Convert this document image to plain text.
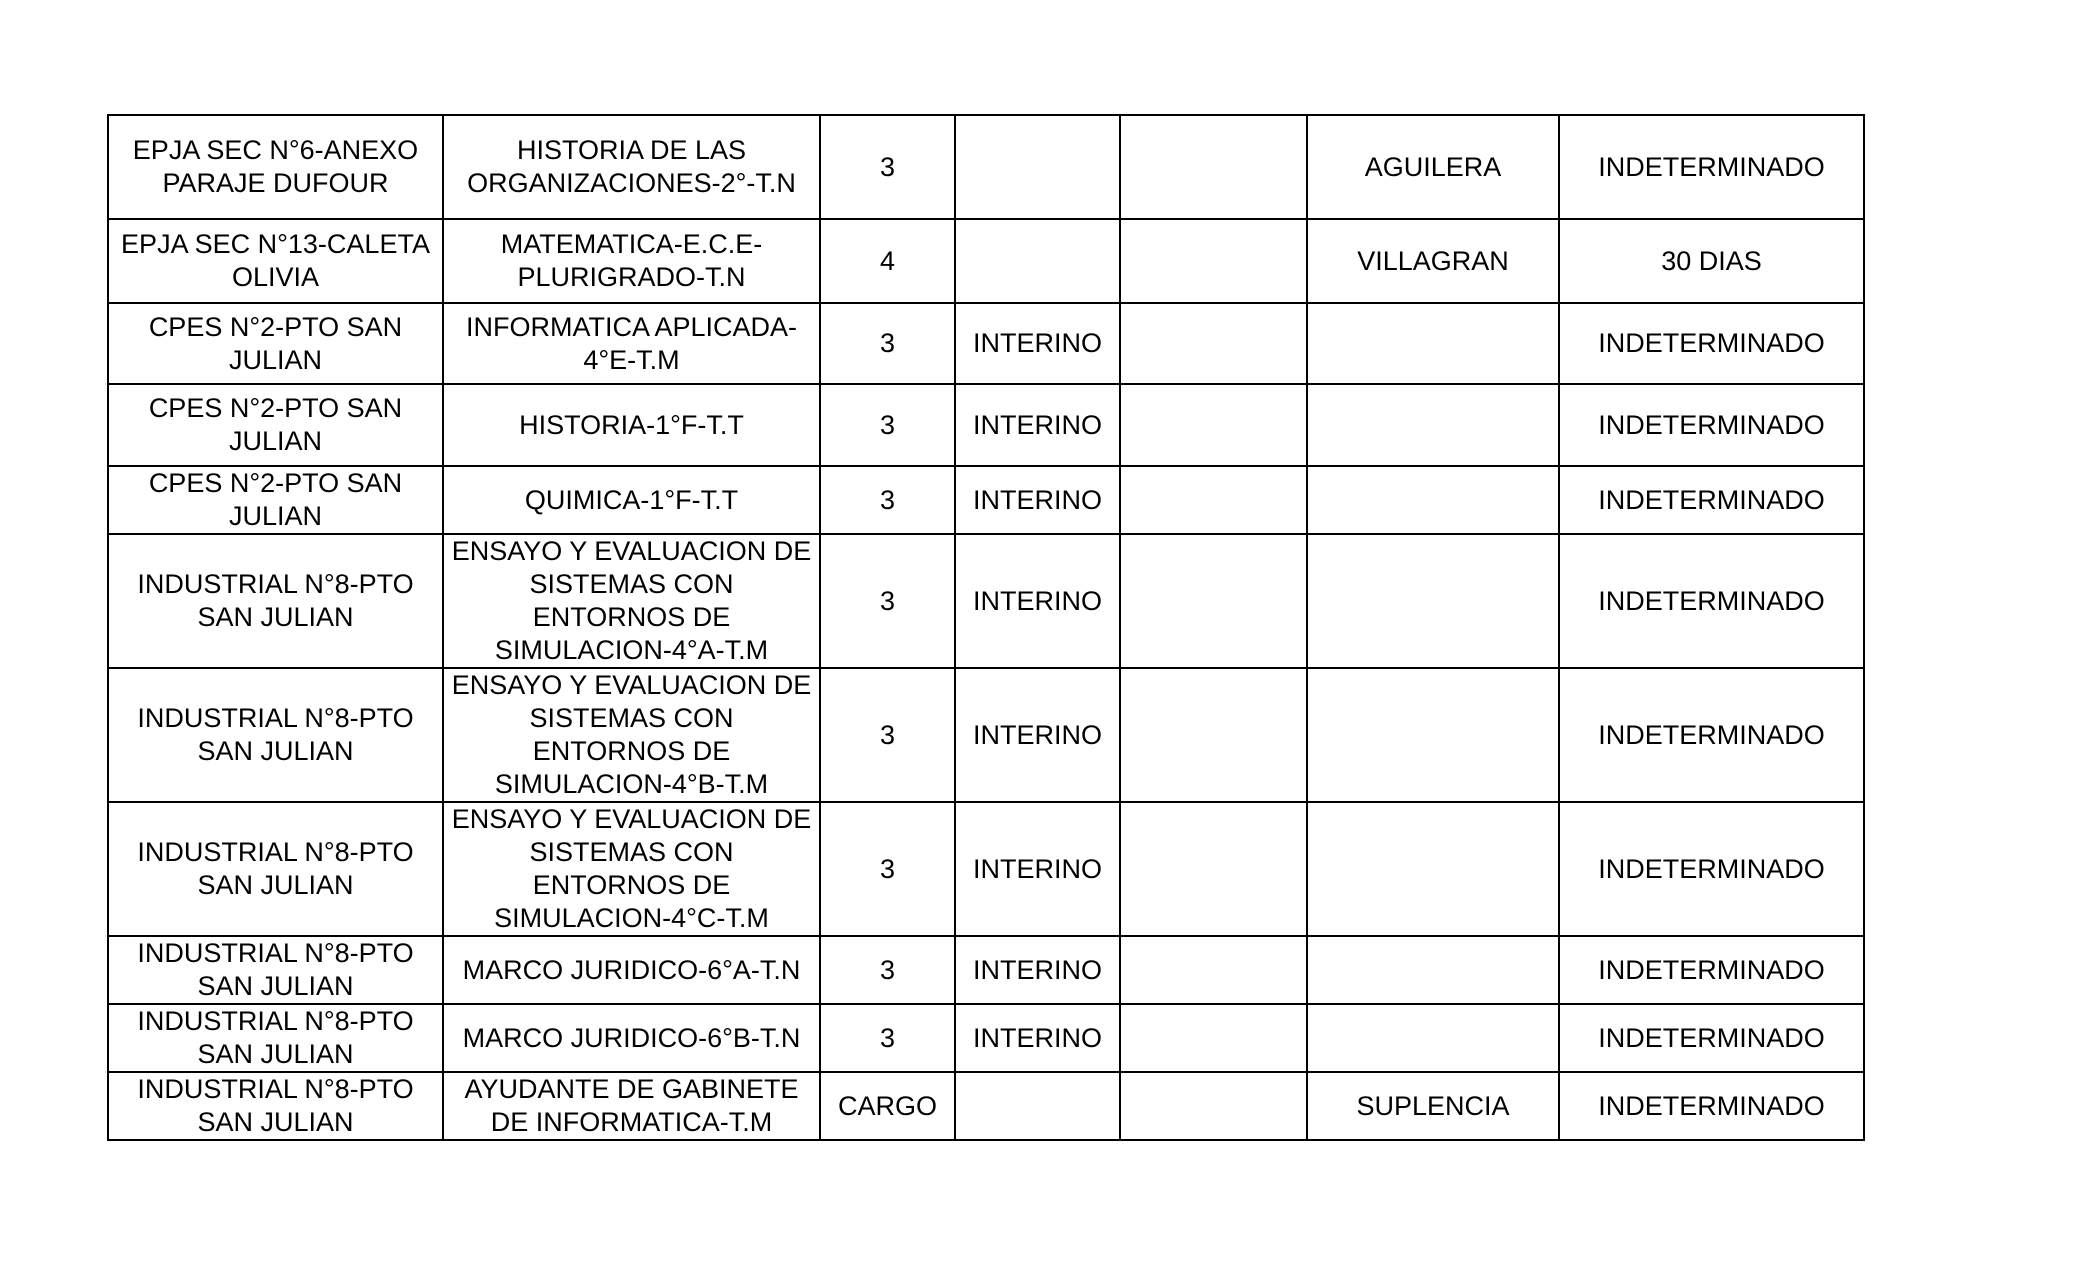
EPJA SEC N°6-ANEXO PARAJE DUFOUR	HISTORIA DE LAS ORGANIZACIONES-2°-T.N	3			AGUILERA	INDETERMINADO
EPJA SEC N°13-CALETA OLIVIA	MATEMATICA-E.C.E-PLURIGRADO-T.N	4			VILLAGRAN	30 DIAS
CPES N°2-PTO SAN JULIAN	INFORMATICA APLICADA-4°E-T.M	3	INTERINO			INDETERMINADO
CPES N°2-PTO SAN JULIAN	HISTORIA-1°F-T.T	3	INTERINO			INDETERMINADO
CPES N°2-PTO SAN JULIAN	QUIMICA-1°F-T.T	3	INTERINO			INDETERMINADO
INDUSTRIAL N°8-PTO SAN JULIAN	ENSAYO Y EVALUACION DE SISTEMAS CON ENTORNOS DE SIMULACION-4°A-T.M	3	INTERINO			INDETERMINADO
INDUSTRIAL N°8-PTO SAN JULIAN	ENSAYO Y EVALUACION DE SISTEMAS CON ENTORNOS DE SIMULACION-4°B-T.M	3	INTERINO			INDETERMINADO
INDUSTRIAL N°8-PTO SAN JULIAN	ENSAYO Y EVALUACION DE SISTEMAS CON ENTORNOS DE SIMULACION-4°C-T.M	3	INTERINO			INDETERMINADO
INDUSTRIAL N°8-PTO SAN JULIAN	MARCO JURIDICO-6°A-T.N	3	INTERINO			INDETERMINADO
INDUSTRIAL N°8-PTO SAN JULIAN	MARCO JURIDICO-6°B-T.N	3	INTERINO			INDETERMINADO
INDUSTRIAL N°8-PTO SAN JULIAN	AYUDANTE DE GABINETE DE INFORMATICA-T.M	CARGO			SUPLENCIA	INDETERMINADO
